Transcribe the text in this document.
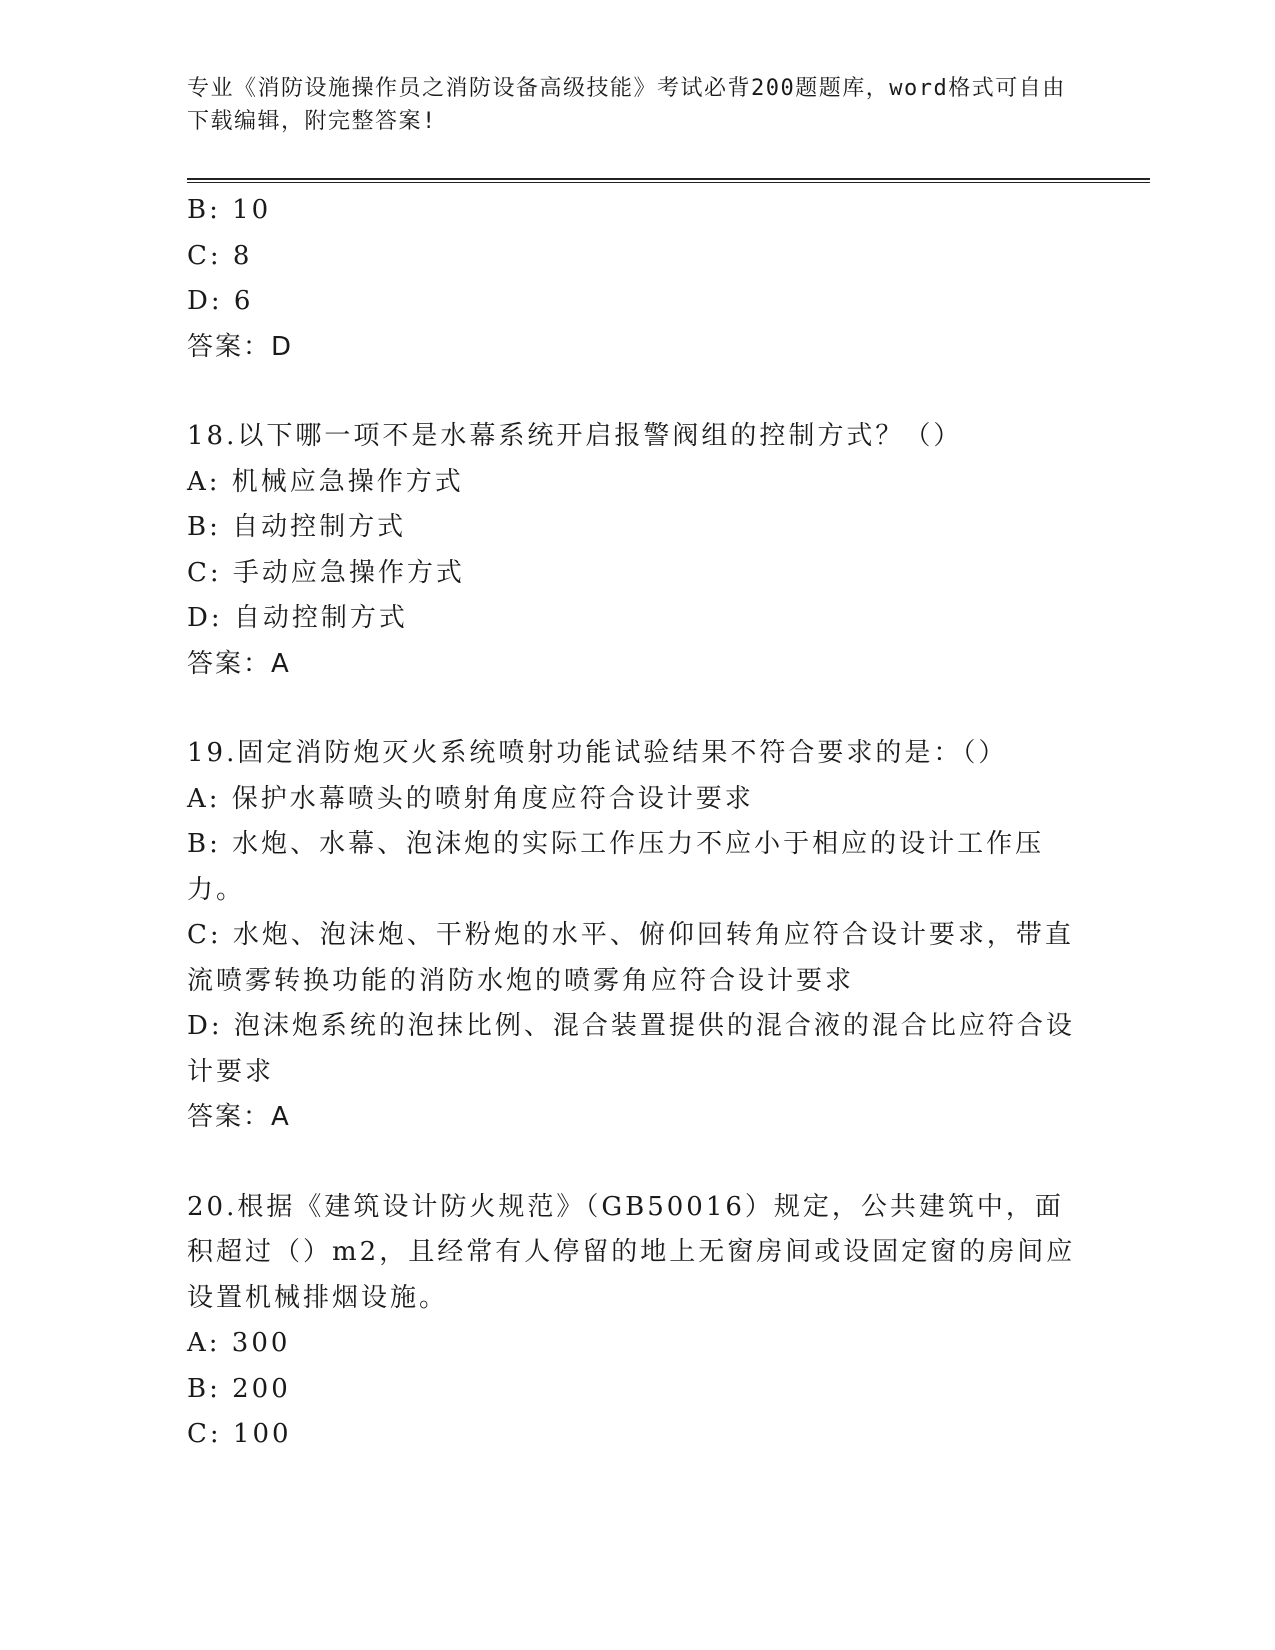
专业《消防设施操作员之消防设备高级技能》考试必背200题题库，word格式可自由下载编辑，附完整答案!
B: 10
C: 8
D: 6
答案：D
18.以下哪一项不是水幕系统开启报警阀组的控制方式？（）
A: 机械应急操作方式
B: 自动控制方式
C: 手动应急操作方式
D: 自动控制方式
答案：A
19.固定消防炮灭火系统喷射功能试验结果不符合要求的是：（）
A: 保护水幕喷头的喷射角度应符合设计要求
B: 水炮、水幕、泡沫炮的实际工作压力不应小于相应的设计工作压力。
C: 水炮、泡沫炮、干粉炮的水平、俯仰回转角应符合设计要求，带直流喷雾转换功能的消防水炮的喷雾角应符合设计要求
D: 泡沫炮系统的泡抹比例、混合装置提供的混合液的混合比应符合设计要求
答案：A
20.根据《建筑设计防火规范》（GB50016）规定，公共建筑中，面积超过（）m2，且经常有人停留的地上无窗房间或设固定窗的房间应设置机械排烟设施。
A: 300
B: 200
C: 100
